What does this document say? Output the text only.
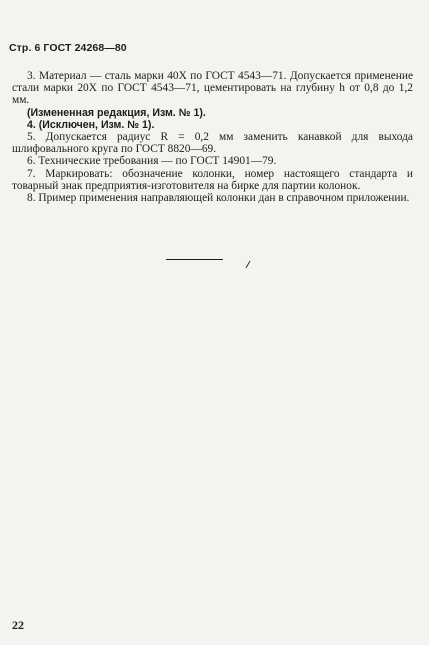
Стр. 6 ГОСТ 24268—80

3. Материал — сталь марки 40Х по ГОСТ 4543—71. Допускается применение стали марки 20Х по ГОСТ 4543—71, цементировать на глубину h от 0,8 до 1,2 мм.

(Измененная редакция, Изм. № 1).

4. (Исключен, Изм. № 1).

5. Допускается радиус R = 0,2 мм заменить канавкой для выхода шлифовального круга по ГОСТ 8820—69.

6. Технические требования — по ГОСТ 14901—79.

7. Маркировать: обозначение колонки, номер настоящего стандарта и товарный знак предприятия-изготовителя на бирке для партии колонок.

8. Пример применения направляющей колонки дан в справочном приложении.

22
